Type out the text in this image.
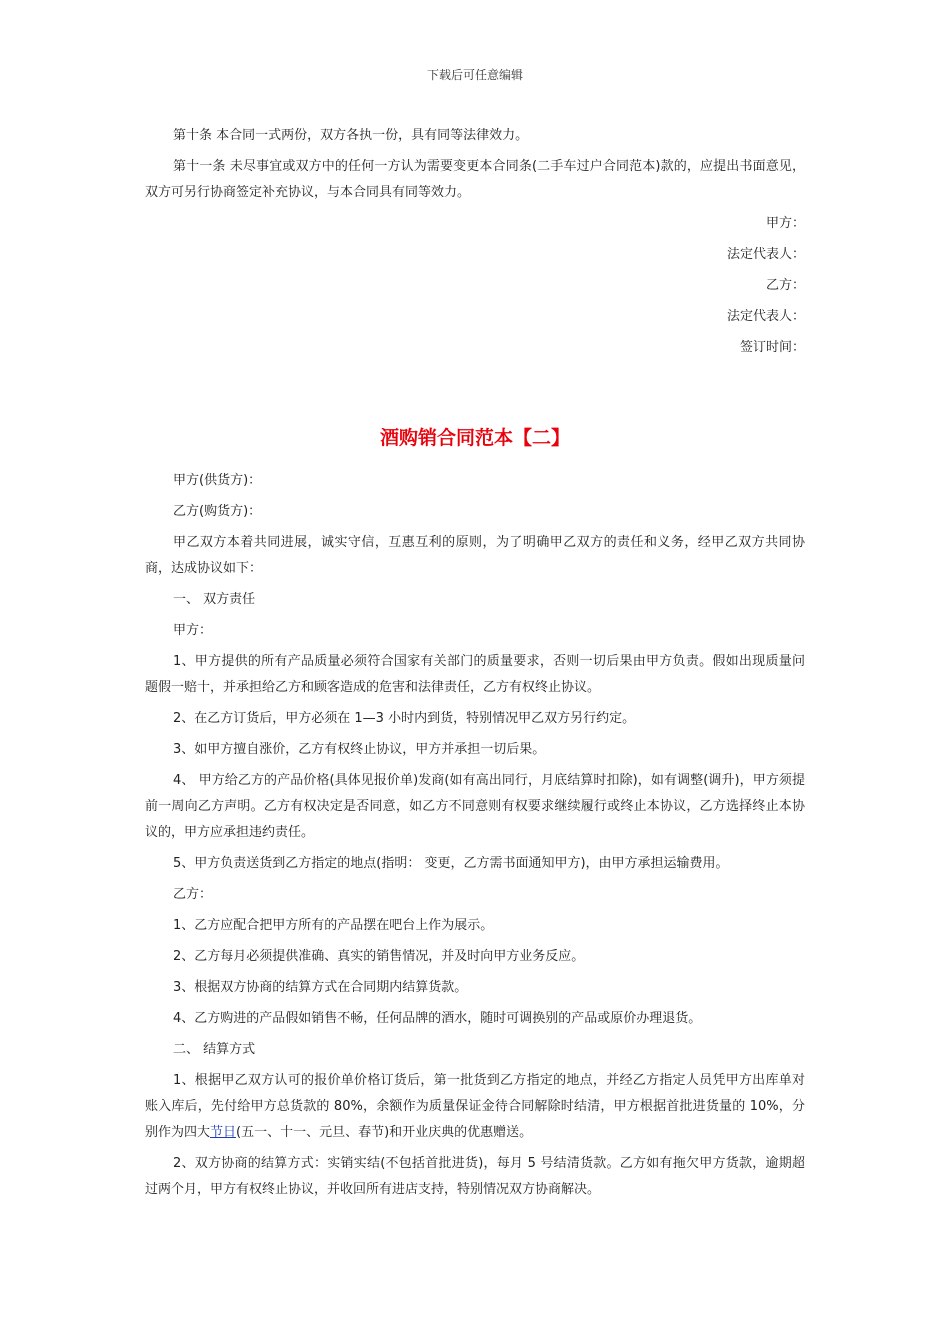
下载后可任意编辑

第十条 本合同一式两份，双方各执一份，具有同等法律效力。

第十一条 未尽事宜或双方中的任何一方认为需要变更本合同条(二手车过户合同范本)款的，应提出书面意见，双方可另行协商签定补充协议，与本合同具有同等效力。

甲方：

法定代表人：

乙方：

法定代表人：

签订时间：

酒购销合同范本【二】

甲方(供货方)：

乙方(购货方)：

甲乙双方本着共同进展，诚实守信，互惠互利的原则，为了明确甲乙双方的责任和义务，经甲乙双方共同协商，达成协议如下：

一、 双方责任

甲方：

1、甲方提供的所有产品质量必须符合国家有关部门的质量要求，否则一切后果由甲方负责。假如出现质量问题假一赔十，并承担给乙方和顾客造成的危害和法律责任，乙方有权终止协议。

2、在乙方订货后，甲方必须在 1—3 小时内到货，特别情况甲乙双方另行约定。

3、如甲方擅自涨价，乙方有权终止协议，甲方并承担一切后果。

4、 甲方给乙方的产品价格(具体见报价单)发商(如有高出同行，月底结算时扣除)，如有调整(调升)，甲方须提前一周向乙方声明。乙方有权决定是否同意，如乙方不同意则有权要求继续履行或终止本协议，乙方选择终止本协议的，甲方应承担违约责任。

5、甲方负责送货到乙方指定的地点(指明： 变更，乙方需书面通知甲方)，由甲方承担运输费用。

乙方：

1、乙方应配合把甲方所有的产品摆在吧台上作为展示。

2、乙方每月必须提供准确、真实的销售情况，并及时向甲方业务反应。

3、根据双方协商的结算方式在合同期内结算货款。

4、乙方购进的产品假如销售不畅，任何品牌的酒水，随时可调换别的产品或原价办理退货。

二、 结算方式

1、根据甲乙双方认可的报价单价格订货后，第一批货到乙方指定的地点，并经乙方指定人员凭甲方出库单对账入库后，先付给甲方总货款的 80%，余额作为质量保证金待合同解除时结清，甲方根据首批进货量的 10%，分别作为四大节日(五一、十一、元旦、春节)和开业庆典的优惠赠送。

2、双方协商的结算方式：实销实结(不包括首批进货)，每月 5 号结清货款。乙方如有拖欠甲方货款，逾期超过两个月，甲方有权终止协议，并收回所有进店支持，特别情况双方协商解决。
